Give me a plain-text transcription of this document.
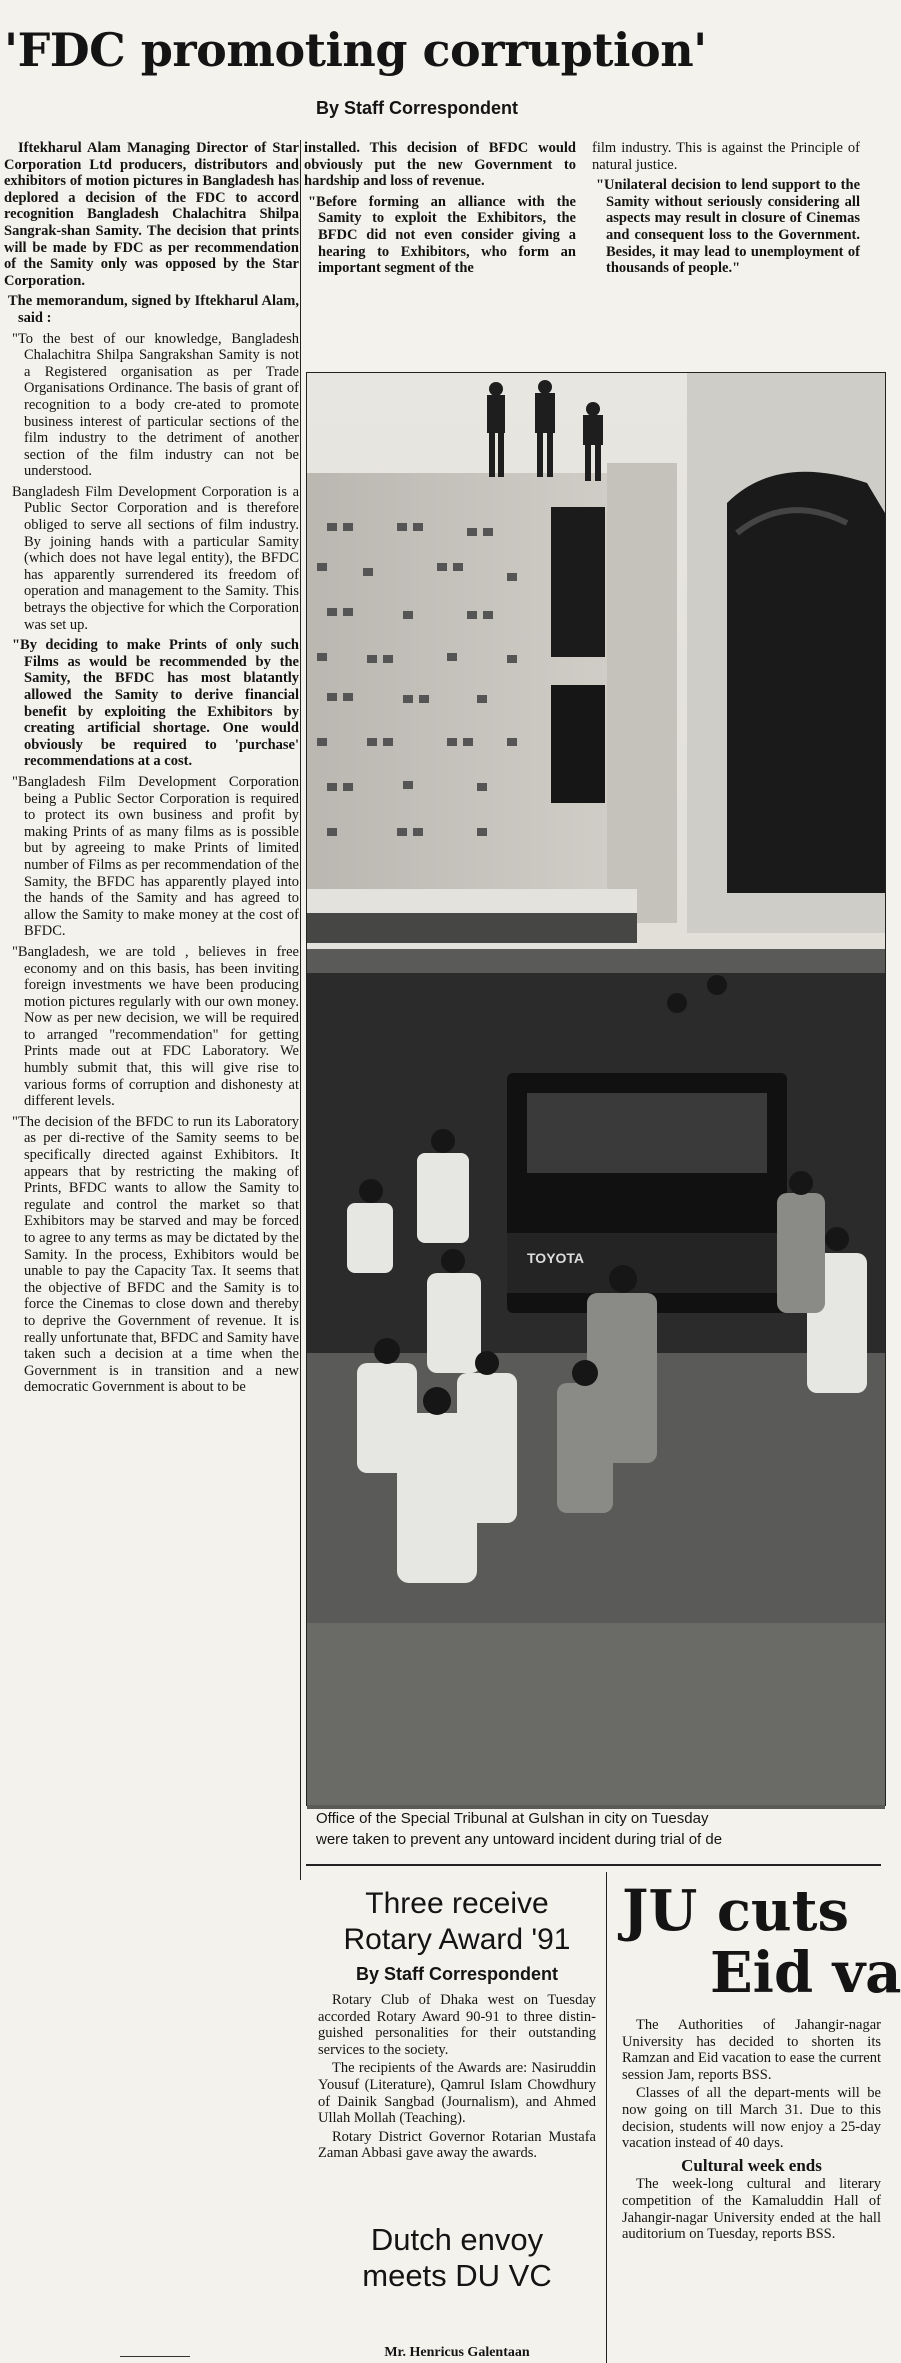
'FDC promoting corruption'
By Staff Correspondent

Iftekharul Alam Managing Director of Star Corporation Ltd producers, distributors and exhibitors of motion pictures in Bangladesh has deplored a decision of the FDC to accord recognition Bangladesh Chalachitra Shilpa Sangrak-shan Samity. The decision that prints will be made by FDC as per recommendation of the Samity only was opposed by the Star Corporation.

The memorandum, signed by Iftekharul Alam, said :

"To the best of our knowledge, Bangladesh Chalachitra Shilpa Sangrakshan Samity is not a Registered organisation as per Trade Organisations Ordinance. The basis of grant of recognition to a body cre-ated to promote business interest of particular sections of the film industry to the detriment of another section of the film industry can not be understood.

Bangladesh Film Development Corporation is a Public Sector Corporation and is therefore obliged to serve all sections of film industry. By joining hands with a particular Samity (which does not have legal entity), the BFDC has apparently surrendered its freedom of operation and management to the Samity. This betrays the objective for which the Corporation was set up.

"By deciding to make Prints of only such Films as would be recommended by the Samity, the BFDC has most blatantly allowed the Samity to derive financial benefit by exploiting the Exhibitors by creating artificial shortage. One would obviously be required to 'purchase' recommendations at a cost.

"Bangladesh Film Development Corporation being a Public Sector Corporation is required to protect its own business and profit by making Prints of as many films as is possible but by agreeing to make Prints of limited number of Films as per recommendation of the Samity, the BFDC has apparently played into the hands of the Samity and has agreed to allow the Samity to make money at the cost of BFDC.

"Bangladesh, we are told , believes in free economy and on this basis, has been inviting foreign investments we have been producing motion pictures regularly with our own money. Now as per new decision, we will be required to arranged "recommendation" for getting Prints made out at FDC Laboratory. We humbly submit that, this will give rise to various forms of corruption and dishonesty at different levels.

"The decision of the BFDC to run its Laboratory as per di-rective of the Samity seems to be specifically directed against Exhibitors. It appears that by restricting the making of Prints, BFDC wants to allow the Samity to regulate and control the market so that Exhibitors may be starved and may be forced to agree to any terms as may be dictated by the Samity. In the process, Exhibitors would be unable to pay the Capacity Tax. It seems that the objective of BFDC and the Samity is to force the Cinemas to close down and thereby to deprive the Government of revenue. It is really unfortunate that, BFDC and Samity have taken such a decision at a time when the Government is in transition and a new democratic Government is about to be

installed. This decision of BFDC would obviously put the new Government to hardship and loss of revenue.

"Before forming an alliance with the Samity to exploit the Exhibitors, the BFDC did not even consider giving a hearing to Exhibitors, who form an important segment of the

film industry. This is against the Principle of natural justice.

"Unilateral decision to lend support to the Samity without seriously considering all aspects may result in closure of Cinemas and consequent loss to the Government. Besides, it may lead to unemployment of thousands of people."

TOYOTA
Office of the Special Tribunal at Gulshan in city on Tuesday
were taken to prevent any untoward incident during trial of de
Three receive
Rotary Award '91
By Staff Correspondent

Rotary Club of Dhaka west on Tuesday accorded Rotary Award 90-91 to three distin-guished personalities for their outstanding services to the society.

The recipients of the Awards are: Nasiruddin Yousuf (Literature), Qamrul Islam Chowdhury of Dainik Sangbad (Journalism), and Ahmed Ullah Mollah (Teaching).

Rotary District Governor Rotarian Mustafa Zaman Abbasi gave away the awards.

Dutch envoy
meets DU VC
Mr. Henricus Galentaan
JU cuts
Eid va

The Authorities of Jahangir-nagar University has decided to shorten its Ramzan and Eid vacation to ease the current session Jam, reports BSS.

Classes of all the depart-ments will be now going on till March 31. Due to this decision, students will now enjoy a 25-day vacation instead of 40 days.

Cultural week ends

The week-long cultural and literary competition of the Kamaluddin Hall of Jahangir-nagar University ended at the hall auditorium on Tuesday, reports BSS.
